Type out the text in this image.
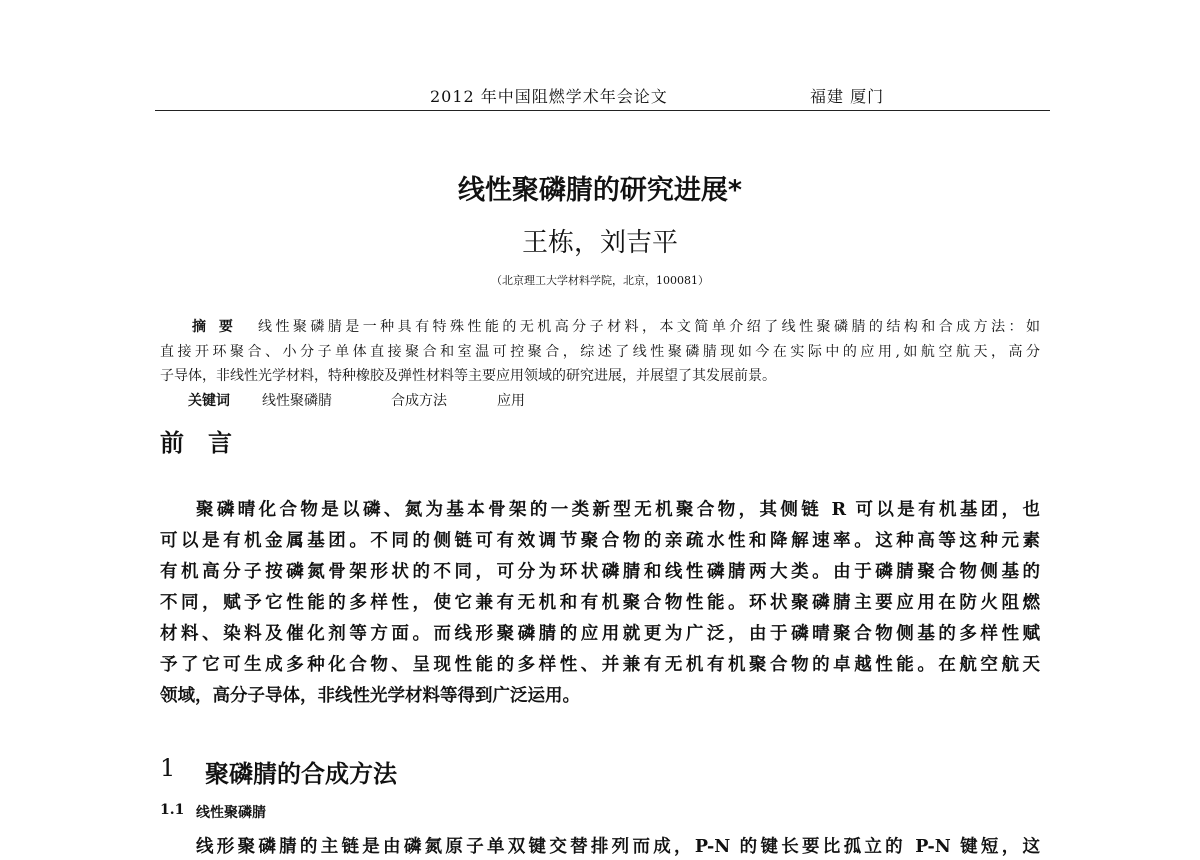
2012 年中国阻燃学术年会论文	福建 厦门
线性聚磷腈的研究进展*
王栋，刘吉平
（北京理工大学材料学院，北京，100081）
摘 要 线性聚磷腈是一种具有特殊性能的无机高分子材料，本文简单介绍了线性聚磷腈的结构和合成方法：如
直接开环聚合、小分子单体直接聚合和室温可控聚合，综述了线性聚磷腈现如今在实际中的应用,如航空航天，高分
子导体，非线性光学材料，特种橡胶及弹性材料等主要应用领域的研究进展，并展望了其发展前景。
关键词 线性聚磷腈	合成方法	应用
前　言
聚磷晴化合物是以磷、氮为基本骨架的一类新型无机聚合物，其侧链 R 可以是有机基团，也
可以是有机金属基团。不同的侧链可有效调节聚合物的亲疏水性和降解速率。这种高等这种元素
有机高分子按磷氮骨架形状的不同，可分为环状磷腈和线性磷腈两大类。由于磷腈聚合物侧基的
不同，赋予它性能的多样性，使它兼有无机和有机聚合物性能。环状聚磷腈主要应用在防火阻燃
材料、染料及催化剂等方面。而线形聚磷腈的应用就更为广泛，由于磷晴聚合物侧基的多样性赋
予了它可生成多种化合物、呈现性能的多样性、并兼有无机有机聚合物的卓越性能。在航空航天
领域，高分子导体，非线性光学材料等得到广泛运用。
1 聚磷腈的合成方法
1.1 线性聚磷腈
线形聚磷腈的主链是由磷氮原子单双键交替排列而成，P-N 的键长要比孤立的 P-N 键短，这
